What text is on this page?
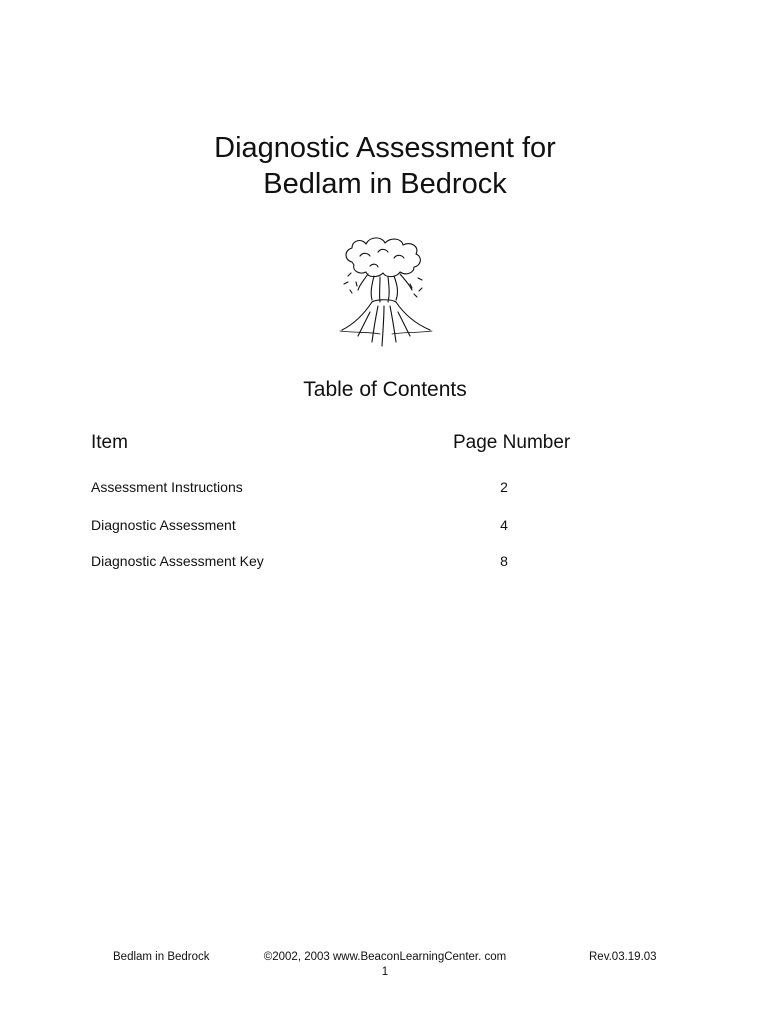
Diagnostic Assessment for
Bedlam in Bedrock
Table of Contents
Item	Page Number
Assessment Instructions	2
Diagnostic Assessment	4
Diagnostic Assessment Key	8
Bedlam in Bedrock	©2002, 2003 www.BeaconLearningCenter. com	Rev.03.19.03
1
